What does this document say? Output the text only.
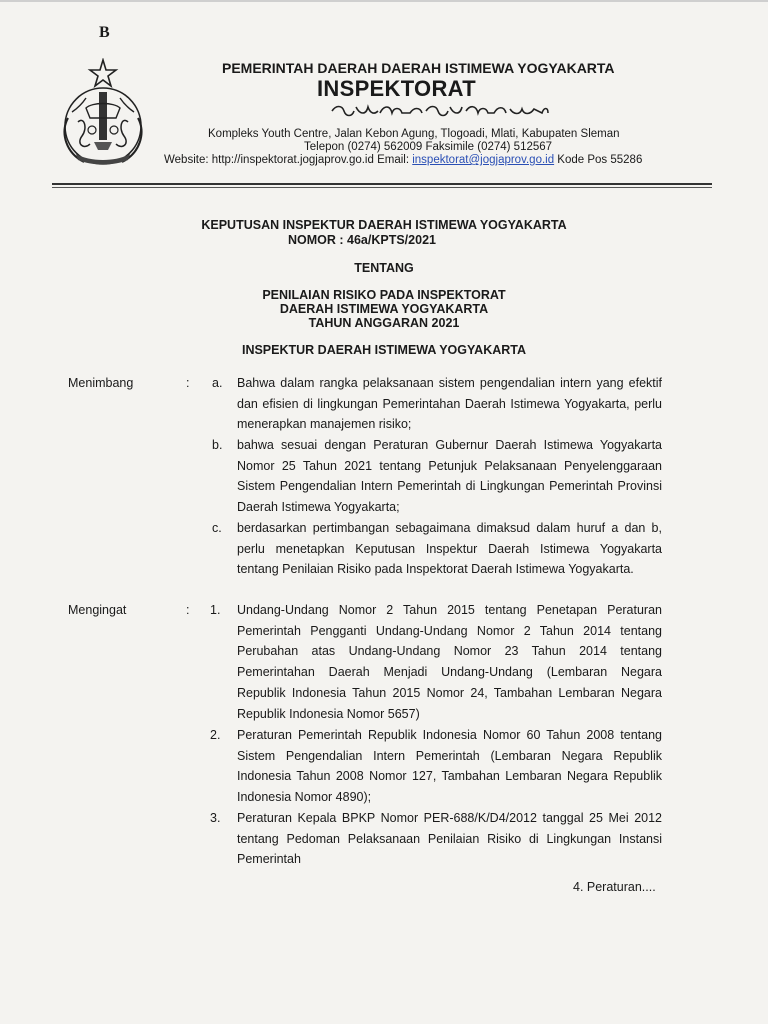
B
PEMERINTAH DAERAH DAERAH ISTIMEWA YOGYAKARTA
INSPEKTORAT
Kompleks Youth Centre, Jalan Kebon Agung, Tlogoadi, Mlati, Kabupaten Sleman
Telepon (0274) 562009 Faksimile (0274) 512567
Website: http://inspektorat.jogjaprov.go.id Email: inspektorat@jogjaprov.go.id Kode Pos 55286
KEPUTUSAN INSPEKTUR DAERAH ISTIMEWA YOGYAKARTA
NOMOR : 46a/KPTS/2021
TENTANG
PENILAIAN RISIKO PADA INSPEKTORAT
DAERAH ISTIMEWA YOGYAKARTA
TAHUN ANGGARAN 2021
INSPEKTUR DAERAH ISTIMEWA YOGYAKARTA
Menimbang	: a. Bahwa dalam rangka pelaksanaan sistem pengendalian intern yang efektif dan efisien di lingkungan Pemerintahan Daerah Istimewa Yogyakarta, perlu menerapkan manajemen risiko;
b. bahwa sesuai dengan Peraturan Gubernur Daerah Istimewa Yogyakarta Nomor 25 Tahun 2021 tentang Petunjuk Pelaksanaan Penyelenggaraan Sistem Pengendalian Intern Pemerintah di Lingkungan Pemerintah Provinsi Daerah Istimewa Yogyakarta;
c. berdasarkan pertimbangan sebagaimana dimaksud dalam huruf a dan b, perlu menetapkan Keputusan Inspektur Daerah Istimewa Yogyakarta tentang Penilaian Risiko pada Inspektorat Daerah Istimewa Yogyakarta.
Mengingat	: 1. Undang-Undang Nomor 2 Tahun 2015 tentang Penetapan Peraturan Pemerintah Pengganti Undang-Undang Nomor 2 Tahun 2014 tentang Perubahan atas Undang-Undang Nomor 23 Tahun 2014 tentang Pemerintahan Daerah Menjadi Undang-Undang (Lembaran Negara Republik Indonesia Tahun 2015 Nomor 24, Tambahan Lembaran Negara Republik Indonesia Nomor 5657)
2. Peraturan Pemerintah Republik Indonesia Nomor 60 Tahun 2008 tentang Sistem Pengendalian Intern Pemerintah (Lembaran Negara Republik Indonesia Tahun 2008 Nomor 127, Tambahan Lembaran Negara Republik Indonesia Nomor 4890);
3. Peraturan Kepala BPKP Nomor PER-688/K/D4/2012 tanggal 25 Mei 2012 tentang Pedoman Pelaksanaan Penilaian Risiko di Lingkungan Instansi Pemerintah
4. Peraturan....
